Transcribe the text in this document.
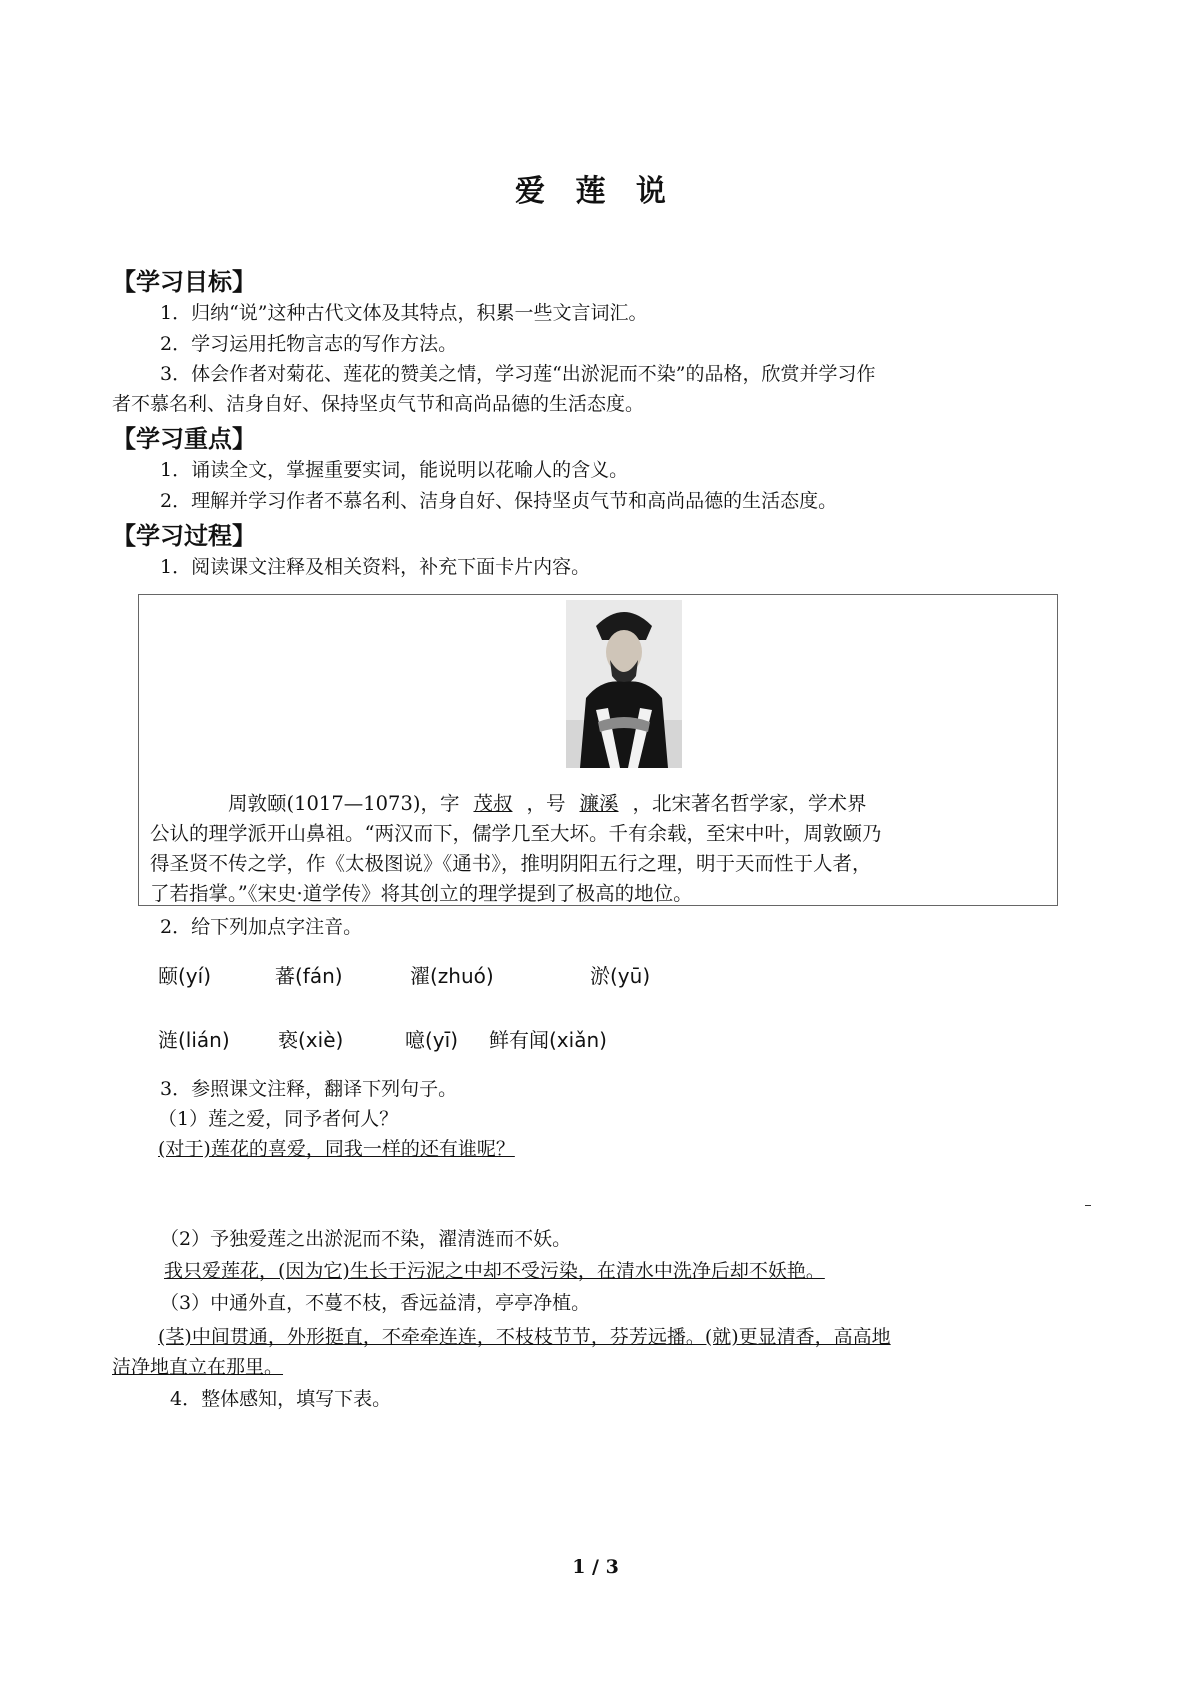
爱 莲 说
【学习目标】
1．归纳“说”这种古代文体及其特点，积累一些文言词汇。
2．学习运用托物言志的写作方法。
3．体会作者对菊花、莲花的赞美之情，学习莲“出淤泥而不染”的品格，欣赏并学习作
者不慕名利、洁身自好、保持坚贞气节和高尚品德的生活态度。
【学习重点】
1．诵读全文，掌握重要实词，能说明以花喻人的含义。
2．理解并学习作者不慕名利、洁身自好、保持坚贞气节和高尚品德的生活态度。
【学习过程】
1．阅读课文注释及相关资料，补充下面卡片内容。
周敦颐(1017—1073)，字 茂叔 ，号 濂溪 ，北宋著名哲学家，学术界
公认的理学派开山鼻祖。“两汉而下，儒学几至大坏。千有余载，至宋中叶，周敦颐乃
得圣贤不传之学，作《太极图说》《通书》，推明阴阳五行之理，明于天而性于人者，
了若指掌。”《宋史·道学传》将其创立的理学提到了极高的地位。
2．给下列加点字注音。
颐(yí)	蕃(fán)	濯(zhuó)	淤(yū)
涟(lián) 亵(xiè)	噫(yī) 鲜有闻(xiǎn)
3．参照课文注释，翻译下列句子。
（1）莲之爱，同予者何人？
(对于)莲花的喜爱，同我一样的还有谁呢？
（2）予独爱莲之出淤泥而不染，濯清涟而不妖。
我只爱莲花，(因为它)生长于污泥之中却不受污染，在清水中洗净后却不妖艳。
（3）中通外直，不蔓不枝，香远益清，亭亭净植。
(茎)中间贯通，外形挺直，不牵牵连连，不枝枝节节，芬芳远播。(就)更显清香，高高地
洁净地直立在那里。
4．整体感知，填写下表。
1 / 3
